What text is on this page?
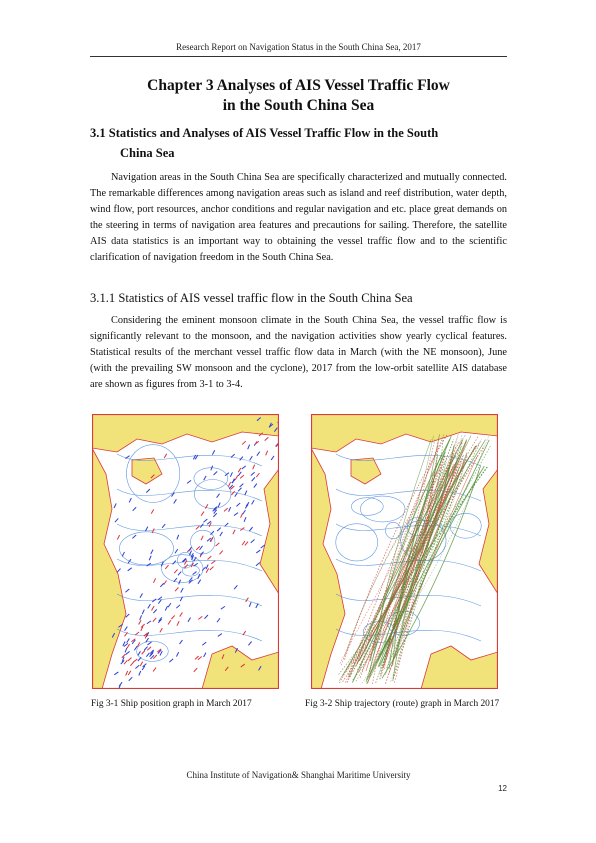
Research Report on Navigation Status in the South China Sea, 2017
Chapter 3 Analyses of AIS Vessel Traffic Flow
in the South China Sea
3.1 Statistics and Analyses of AIS Vessel Traffic Flow in the South
China Sea

Navigation areas in the South China Sea are specifically characterized and mutually connected. The remarkable differences among navigation areas such as island and reef distribution, water depth, wind flow, port resources, anchor conditions and regular navigation and etc. place great demands on the steering in terms of navigation area features and precautions for sailing. Therefore, the satellite AIS data statistics is an important way to obtaining the vessel traffic flow and to the scientific clarification of navigation freedom in the South China Sea.

3.1.1 Statistics of AIS vessel traffic flow in the South China Sea

Considering the eminent monsoon climate in the South China Sea, the vessel traffic flow is significantly relevant to the monsoon, and the navigation activities show yearly cyclical features. Statistical results of the merchant vessel traffic flow data in March (with the NE monsoon), June (with the prevailing SW monsoon and the cyclone), 2017 from the low-orbit satellite AIS database are shown as figures from 3-1 to 3-4.

Fig 3-1 Ship position graph in March 2017	Fig 3-2 Ship trajectory (route) graph in March 2017
China Institute of Navigation& Shanghai Maritime University
12
